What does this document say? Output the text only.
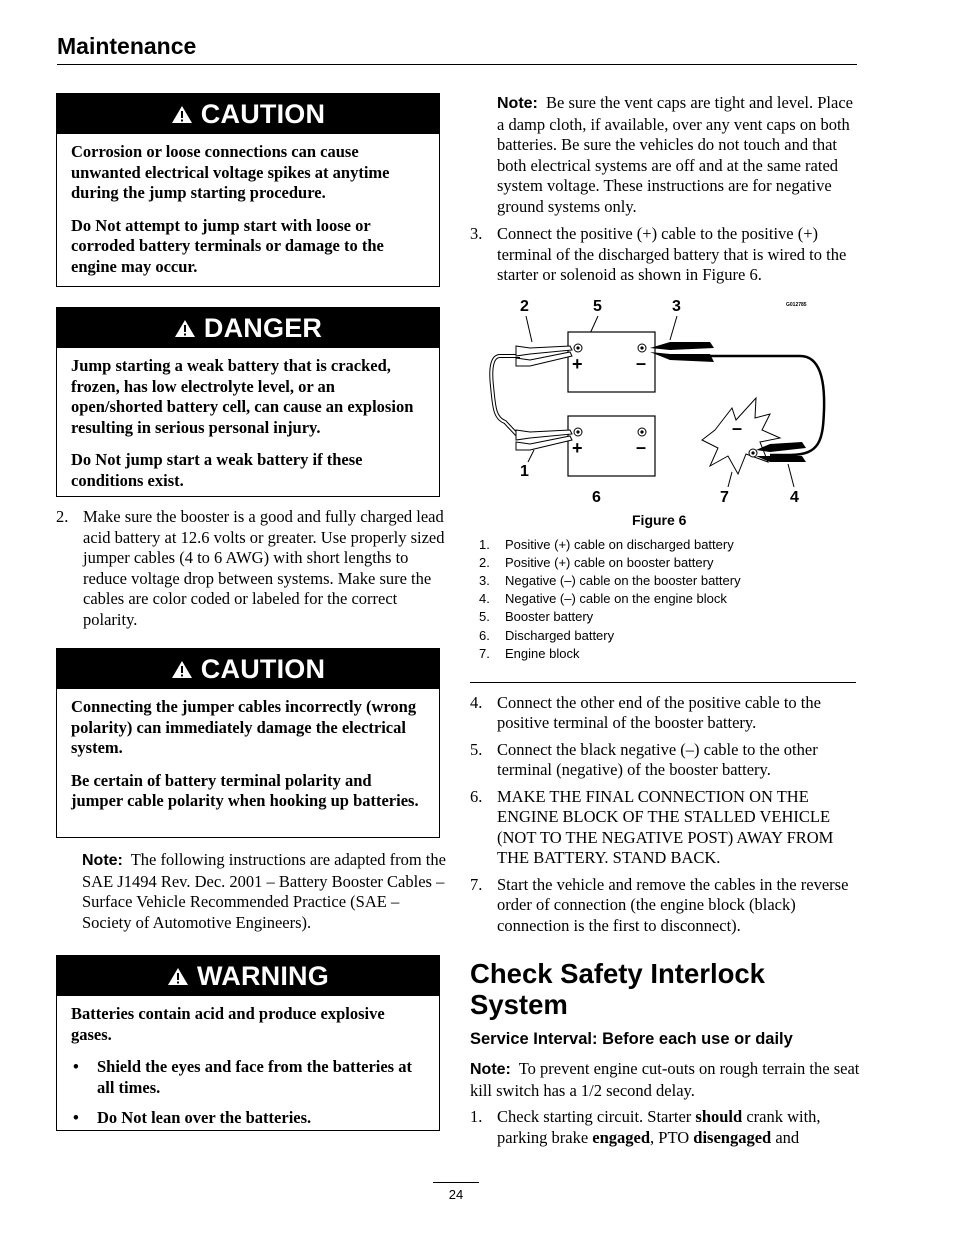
Maintenance
CAUTION

Corrosion or loose connections can cause unwanted electrical voltage spikes at anytime during the jump starting procedure.

Do Not attempt to jump start with loose or corroded battery terminals or damage to the engine may occur.

DANGER

Jump starting a weak battery that is cracked, frozen, has low electrolyte level, or an open/shorted battery cell, can cause an explosion resulting in serious personal injury.

Do Not jump start a weak battery if these conditions exist.

2. Make sure the booster is a good and fully charged lead acid battery at 12.6 volts or greater. Use properly sized jumper cables (4 to 6 AWG) with short lengths to reduce voltage drop between systems. Make sure the cables are color coded or labeled for the correct polarity.
CAUTION

Connecting the jumper cables incorrectly (wrong polarity) can immediately damage the electrical system.

Be certain of battery terminal polarity and jumper cable polarity when hooking up batteries.

Note: The following instructions are adapted from the SAE J1494 Rev. Dec. 2001 – Battery Booster Cables – Surface Vehicle Recommended Practice (SAE – Society of Automotive Engineers).
WARNING

Batteries contain acid and produce explosive gases.

• Shield the eyes and face from the batteries at all times.
• Do Not lean over the batteries.
Note: Be sure the vent caps are tight and level. Place a damp cloth, if available, over any vent caps on both batteries. Be sure the vehicles do not touch and that both electrical systems are off and at the same rated system voltage. These instructions are for negative ground systems only.
3. Connect the positive (+) cable to the positive (+) terminal of the discharged battery that is wired to the starter or solenoid as shown in Figure 6.
2	5	3	G012785
+	–
+	–
–
1
6	7	4
Figure 6
1. Positive (+) cable on discharged battery
2. Positive (+) cable on booster battery
3. Negative (–) cable on the booster battery
4. Negative (–) cable on the engine block
5. Booster battery
6. Discharged battery
7. Engine block
4. Connect the other end of the positive cable to the positive terminal of the booster battery.
5. Connect the black negative (–) cable to the other terminal (negative) of the booster battery.
6. MAKE THE FINAL CONNECTION ON THE ENGINE BLOCK OF THE STALLED VEHICLE (NOT TO THE NEGATIVE POST) AWAY FROM THE BATTERY. STAND BACK.
7. Start the vehicle and remove the cables in the reverse order of connection (the engine block (black) connection is the first to disconnect).
Check Safety Interlock System
Service Interval: Before each use or daily
Note: To prevent engine cut-outs on rough terrain the seat kill switch has a 1/2 second delay.
1. Check starting circuit. Starter should crank with, parking brake engaged, PTO disengaged and
24
